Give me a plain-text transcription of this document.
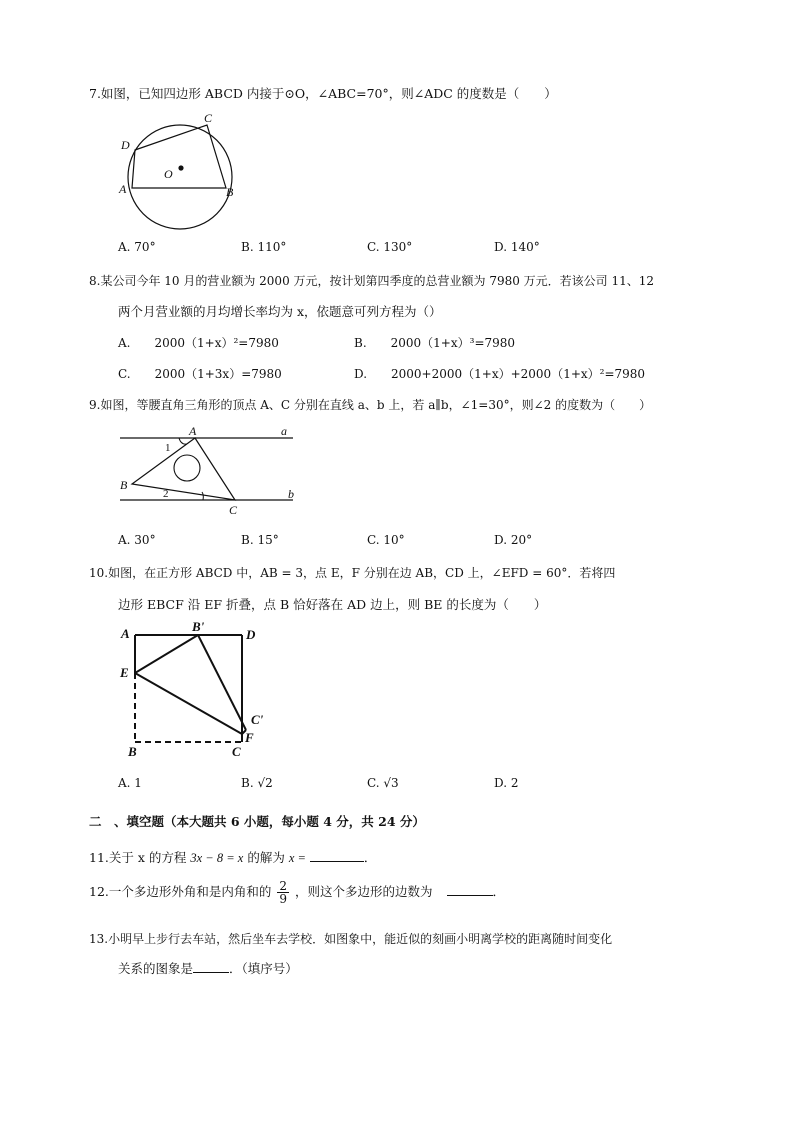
7.如图，已知四边形 ABCD 内接于⊙O，∠ABC=70°，则∠ADC 的度数是（　　）
D
C
O
A	B
A. 70°	B. 110°	C. 130°	D. 140°
8.某公司今年 10 月的营业额为 2000 万元，按计划第四季度的总营业额为 7980 万元．若该公司 11、12
两个月营业额的月均增长率均为 x，依题意可列方程为（）
A.　　2000（1+x）²=7980	B.　　2000（1+x）³=7980
C.　　2000（1+3x）=7980	D.　　2000+2000（1+x）+2000（1+x）²=7980
9.如图，等腰直角三角形的顶点 A、C 分别在直线 a、b 上，若 a∥b，∠1=30°，则∠2 的度数为（　　）
A	a
1
B
2	b
C
A. 30°	B. 15°	C. 10°	D. 20°
10.如图，在正方形 ABCD 中，AB = 3，点 E，F 分别在边 AB，CD 上，∠EFD = 60°．若将四
边形 EBCF 沿 EF 折叠，点 B 恰好落在 AD 边上，则 BE 的长度为（　　）
A	B'
D
E
C'
F
B	C
A. 1	B. √2	C. √3	D. 2
二　、填空题（本大题共 6 小题，每小题 4 分，共 24 分）
11.关于 x 的方程 3x − 8 = x 的解为 x =	．
12.一个多边形外角和是内角和的 $\frac{2}{9}$ ，则这个多边形的边数为	．
13.小明早上步行去车站，然后坐车去学校．如图象中，能近似的刻画小明离学校的距离随时间变化
关系的图象是	．（填序号）
